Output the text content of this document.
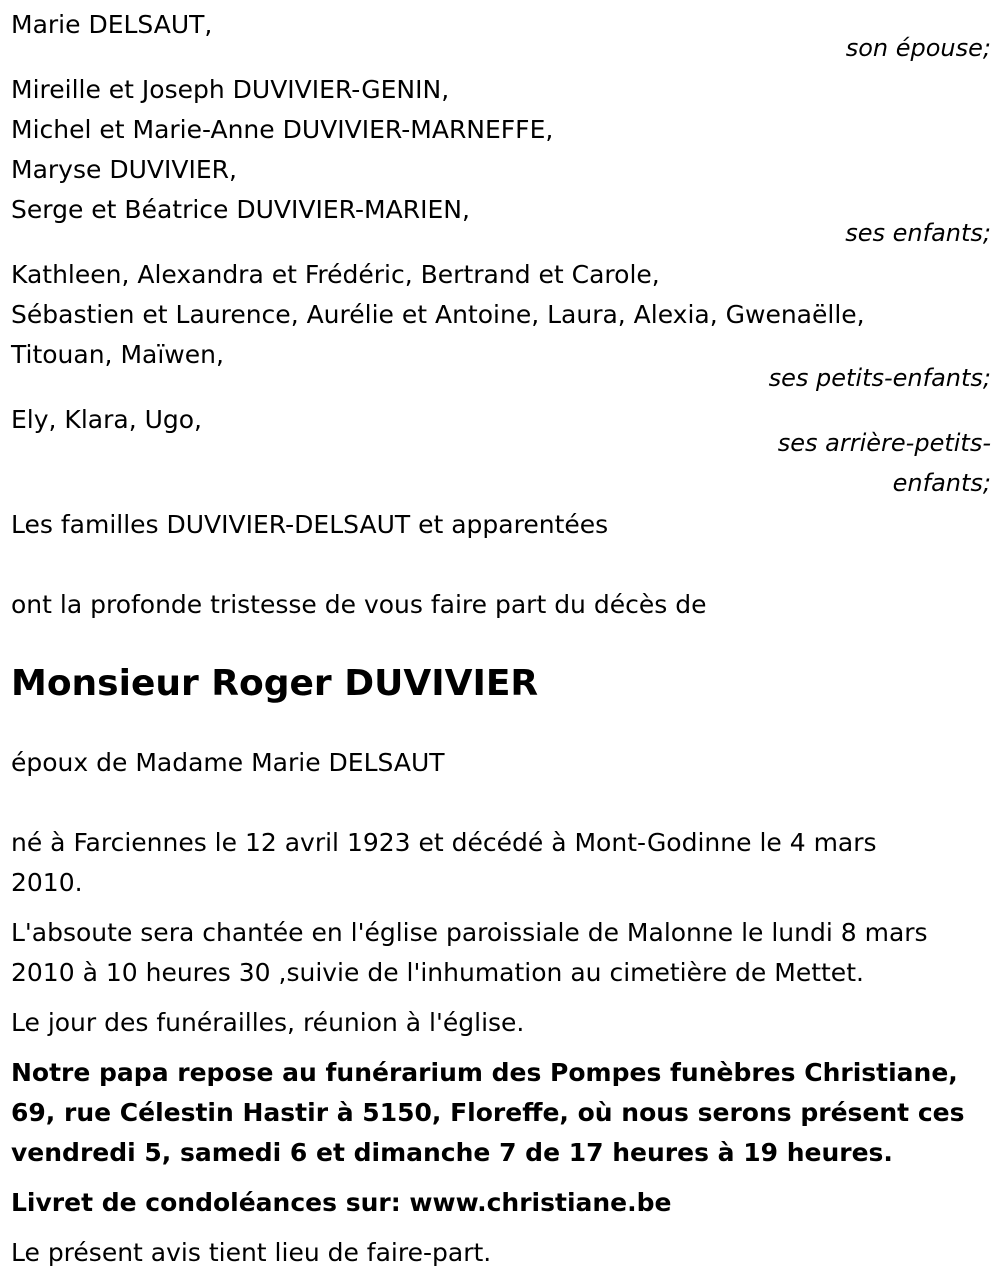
Marie DELSAUT,
son épouse;
Mireille et Joseph DUVIVIER-GENIN,
Michel et Marie-Anne DUVIVIER-MARNEFFE,
Maryse DUVIVIER,
Serge et Béatrice DUVIVIER-MARIEN,
ses enfants;
Kathleen, Alexandra et Frédéric, Bertrand et Carole,
Sébastien et Laurence, Aurélie et Antoine, Laura, Alexia, Gwenaëlle,
Titouan, Maïwen,
ses petits-enfants;
Ely, Klara, Ugo,
ses arrière-petits-
enfants;
Les familles DUVIVIER-DELSAUT et apparentées
ont la profonde tristesse de vous faire part du décès de
Monsieur Roger DUVIVIER
époux de Madame Marie DELSAUT
né à Farciennes le 12 avril 1923 et décédé à Mont-Godinne le 4 mars
2010.
L'absoute sera chantée en l'église paroissiale de Malonne le lundi 8 mars
2010 à 10 heures 30 ,suivie de l'inhumation au cimetière de Mettet.
Le jour des funérailles, réunion à l'église.
Notre papa repose au funérarium des Pompes funèbres Christiane,
69, rue Célestin Hastir à 5150, Floreffe, où nous serons présent ces
vendredi 5, samedi 6 et dimanche 7 de 17 heures à 19 heures.
Livret de condoléances sur: www.christiane.be
Le présent avis tient lieu de faire-part.
